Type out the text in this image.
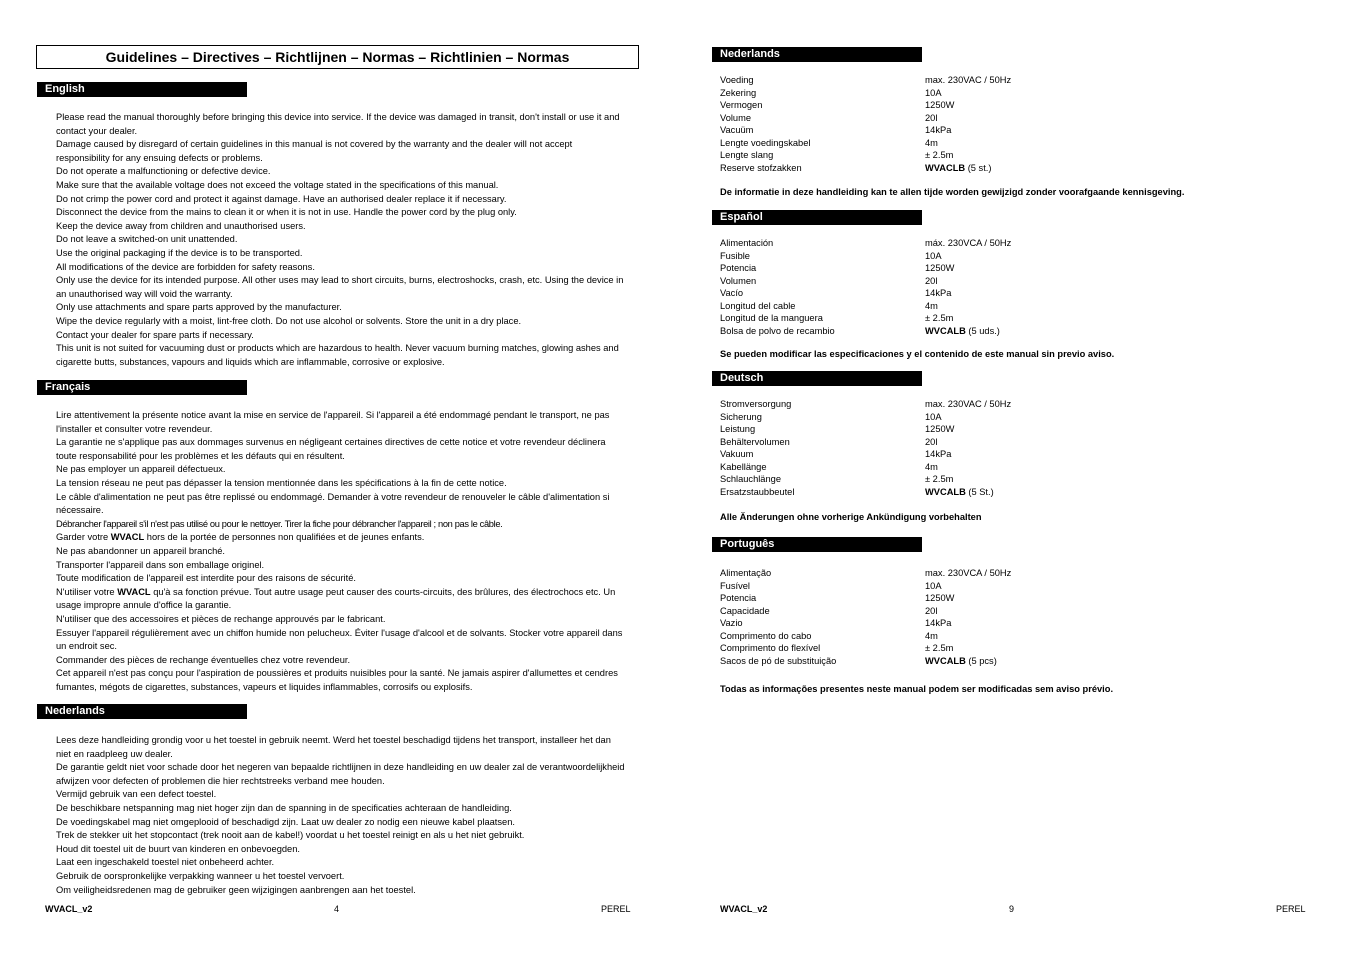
Guidelines – Directives – Richtlijnen – Normas – Richtlinien – Normas
English

Please read the manual thoroughly before bringing this device into service. If the device was damaged in transit, don't install or use it and contact your dealer.

Damage caused by disregard of certain guidelines in this manual is not covered by the warranty and the dealer will not accept responsibility for any ensuing defects or problems.

Do not operate a malfunctioning or defective device.

Make sure that the available voltage does not exceed the voltage stated in the specifications of this manual.

Do not crimp the power cord and protect it against damage. Have an authorised dealer replace it if necessary.

Disconnect the device from the mains to clean it or when it is not in use. Handle the power cord by the plug only.

Keep the device away from children and unauthorised users.

Do not leave a switched-on unit unattended.

Use the original packaging if the device is to be transported.

All modifications of the device are forbidden for safety reasons.

Only use the device for its intended purpose. All other uses may lead to short circuits, burns, electroshocks, crash, etc. Using the device in an unauthorised way will void the warranty.

Only use attachments and spare parts approved by the manufacturer.

Wipe the device regularly with a moist, lint-free cloth. Do not use alcohol or solvents. Store the unit in a dry place.

Contact your dealer for spare parts if necessary.

This unit is not suited for vacuuming dust or products which are hazardous to health. Never vacuum burning matches, glowing ashes and cigarette butts, substances, vapours and liquids which are inflammable, corrosive or explosive.

Français

Lire attentivement la présente notice avant la mise en service de l'appareil. Si l'appareil a été endommagé pendant le transport, ne pas l'installer et consulter votre revendeur.

La garantie ne s'applique pas aux dommages survenus en négligeant certaines directives de cette notice et votre revendeur déclinera toute responsabilité pour les problèmes et les défauts qui en résultent.

Ne pas employer un appareil défectueux.

La tension réseau ne peut pas dépasser la tension mentionnée dans les spécifications à la fin de cette notice.

Le câble d'alimentation ne peut pas être replissé ou endommagé. Demander à votre revendeur de renouveler le câble d'alimentation si nécessaire.

Débrancher l'appareil s'il n'est pas utilisé ou pour le nettoyer. Tirer la fiche pour débrancher l'appareil ; non pas le câble.

Garder votre WVACL hors de la portée de personnes non qualifiées et de jeunes enfants.

Ne pas abandonner un appareil branché.

Transporter l'appareil dans son emballage originel.

Toute modification de l'appareil est interdite pour des raisons de sécurité.

N'utiliser votre WVACL qu'à sa fonction prévue. Tout autre usage peut causer des courts-circuits, des brûlures, des électrochocs etc. Un usage impropre annule d'office la garantie.

N'utiliser que des accessoires et pièces de rechange approuvés par le fabricant.

Essuyer l'appareil régulièrement avec un chiffon humide non pelucheux. Éviter l'usage d'alcool et de solvants. Stocker votre appareil dans un endroit sec.

Commander des pièces de rechange éventuelles chez votre revendeur.

Cet appareil n'est pas conçu pour l'aspiration de poussières et produits nuisibles pour la santé. Ne jamais aspirer d'allumettes et cendres fumantes, mégots de cigarettes, substances, vapeurs et liquides inflammables, corrosifs ou explosifs.

Nederlands

Lees deze handleiding grondig voor u het toestel in gebruik neemt. Werd het toestel beschadigd tijdens het transport, installeer het dan niet en raadpleeg uw dealer.

De garantie geldt niet voor schade door het negeren van bepaalde richtlijnen in deze handleiding en uw dealer zal de verantwoordelijkheid afwijzen voor defecten of problemen die hier rechtstreeks verband mee houden.

Vermijd gebruik van een defect toestel.

De beschikbare netspanning mag niet hoger zijn dan de spanning in de specificaties achteraan de handleiding.

De voedingskabel mag niet omgeplooid of beschadigd zijn. Laat uw dealer zo nodig een nieuwe kabel plaatsen.

Trek de stekker uit het stopcontact (trek nooit aan de kabel!) voordat u het toestel reinigt en als u het niet gebruikt.

Houd dit toestel uit de buurt van kinderen en onbevoegden.

Laat een ingeschakeld toestel niet onbeheerd achter.

Gebruik de oorspronkelijke verpakking wanneer u het toestel vervoert.

Om veiligheidsredenen mag de gebruiker geen wijzigingen aanbrengen aan het toestel.

WVACL_v2	4	PEREL
Nederlands
Voeding	max. 230VAC / 50Hz
Zekering	10A
Vermogen	1250W
Volume	20l
Vacuüm	14kPa
Lengte voedingskabel	4m
Lengte slang	± 2.5m
Reserve stofzakken	WVACLB (5 st.)
De informatie in deze handleiding kan te allen tijde worden gewijzigd zonder voorafgaande kennisgeving.
Español
Alimentación	máx. 230VCA / 50Hz
Fusible	10A
Potencia	1250W
Volumen	20l
Vacío	14kPa
Longitud del cable	4m
Longitud de la manguera	± 2.5m
Bolsa de polvo de recambio	WVCALB (5 uds.)
Se pueden modificar las especificaciones y el contenido de este manual sin previo aviso.
Deutsch
Stromversorgung	max. 230VAC / 50Hz
Sicherung	10A
Leistung	1250W
Behältervolumen	20l
Vakuum	14kPa
Kabellänge	4m
Schlauchlänge	± 2.5m
Ersatzstaubbeutel	WVCALB (5 St.)
Alle Änderungen ohne vorherige Ankündigung vorbehalten
Português
Alimentação	max. 230VCA / 50Hz
Fusível	10A
Potencia	1250W
Capacidade	20l
Vazio	14kPa
Comprimento do cabo	4m
Comprimento do flexível	± 2.5m
Sacos de pó de substituição	WVCALB (5 pcs)
Todas as informações presentes neste manual podem ser modificadas sem aviso prévio.
WVACL_v2	9	PEREL
